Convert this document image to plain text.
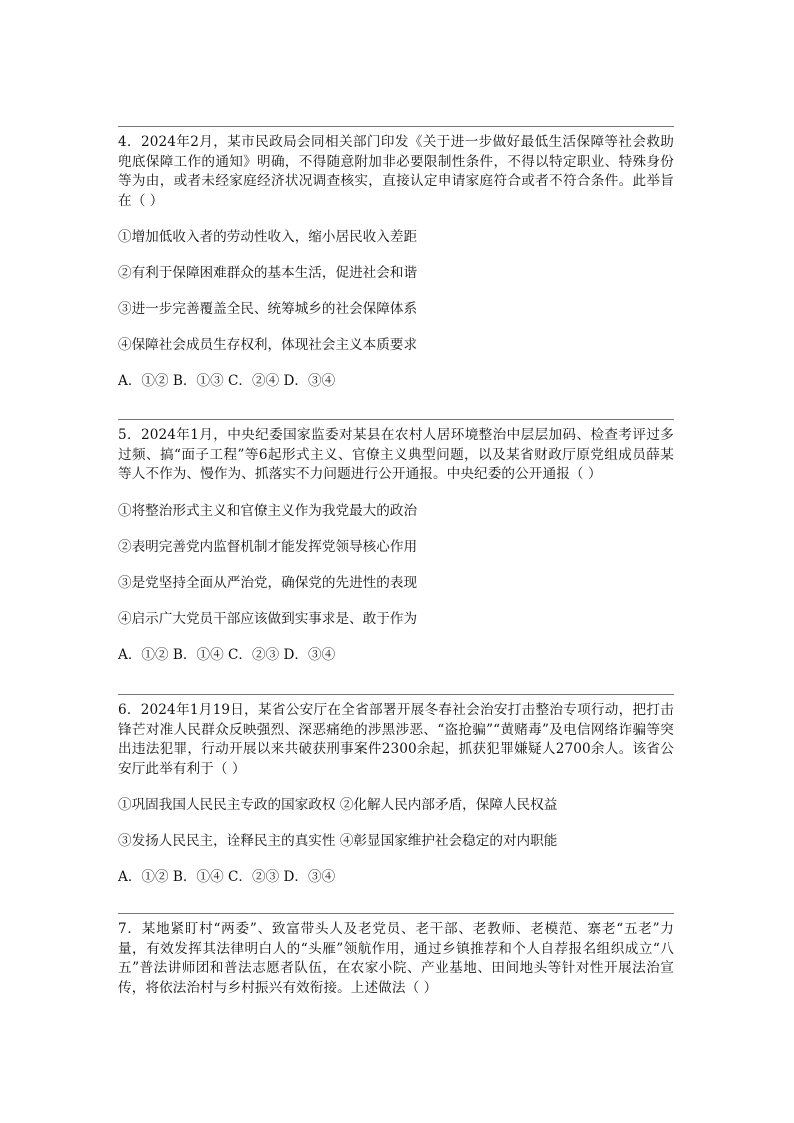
4．2024年2月，某市民政局会同相关部门印发《关于进一步做好最低生活保障等社会救助兜底保障工作的通知》明确，不得随意附加非必要限制性条件，不得以特定职业、特殊身份等为由，或者未经家庭经济状况调查核实，直接认定申请家庭符合或者不符合条件。此举旨在（ ）

①增加低收入者的劳动性收入，缩小居民收入差距

②有利于保障困难群众的基本生活，促进社会和谐

③进一步完善覆盖全民、统筹城乡的社会保障体系

④保障社会成员生存权利，体现社会主义本质要求

A．①② B．①③ C．②④ D．③④

5．2024年1月，中央纪委国家监委对某县在农村人居环境整治中层层加码、检查考评过多过频、搞“面子工程”等6起形式主义、官僚主义典型问题，以及某省财政厅原党组成员薛某等人不作为、慢作为、抓落实不力问题进行公开通报。中央纪委的公开通报（ ）

①将整治形式主义和官僚主义作为我党最大的政治

②表明完善党内监督机制才能发挥党领导核心作用

③是党坚持全面从严治党，确保党的先进性的表现

④启示广大党员干部应该做到实事求是、敢于作为

A．①② B．①④ C．②③ D．③④

6．2024年1月19日，某省公安厅在全省部署开展冬春社会治安打击整治专项行动，把打击锋芒对准人民群众反映强烈、深恶痛绝的涉黑涉恶、“盗抢骗”“黄赌毒”及电信网络诈骗等突出违法犯罪，行动开展以来共破获刑事案件2300余起，抓获犯罪嫌疑人2700余人。该省公安厅此举有利于（ ）

①巩固我国人民民主专政的国家政权 ②化解人民内部矛盾，保障人民权益

③发扬人民民主，诠释民主的真实性 ④彰显国家维护社会稳定的对内职能

A．①② B．①④ C．②③ D．③④

7．某地紧盯村“两委”、致富带头人及老党员、老干部、老教师、老模范、寨老“五老”力量，有效发挥其法律明白人的“头雁”领航作用，通过乡镇推荐和个人自荐报名组织成立“八五”普法讲师团和普法志愿者队伍，在农家小院、产业基地、田间地头等针对性开展法治宣传，将依法治村与乡村振兴有效衔接。上述做法（ ）
